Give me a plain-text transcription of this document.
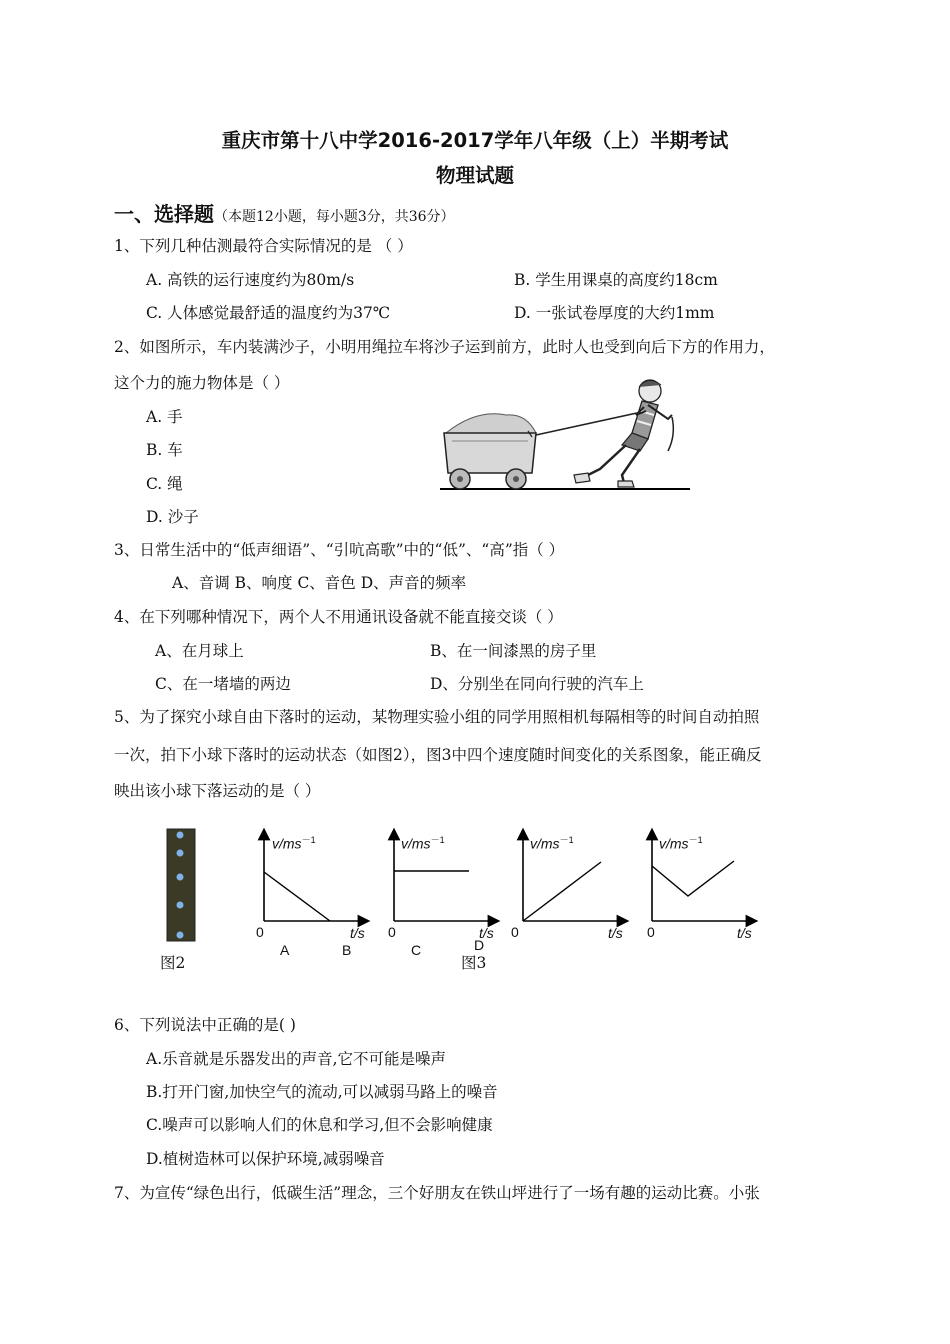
重庆市第十八中学2016-2017学年八年级（上）半期考试
物理试题
一、选择题（本题12小题，每小题3分，共36分）
1、下列几种估测最符合实际情况的是 （ ）
A. 高铁的运行速度约为80m/s	B. 学生用课桌的高度约18cm
C. 人体感觉最舒适的温度约为37℃	D. 一张试卷厚度的大约1mm
2、如图所示，车内装满沙子，小明用绳拉车将沙子运到前方，此时人也受到向后下方的作用力，
这个力的施力物体是（ ）
A. 手
B. 车
C. 绳
D. 沙子
3、日常生活中的“低声细语”、“引吭高歌”中的“低”、“高”指（ ）
A、音调 B、响度 C、音色 D、声音的频率
4、在下列哪种情况下，两个人不用通讯设备就不能直接交谈（ ）
A、在月球上	B、在一间漆黑的房子里
C、在一堵墙的两边	D、分别坐在同向行驶的汽车上
5、为了探究小球自由下落时的运动，某物理实验小组的同学用照相机每隔相等的时间自动拍照
一次，拍下小球下落时的运动状态（如图2），图3中四个速度随时间变化的关系图象，能正确反
映出该小球下落运动的是（ ）
$v/ms^{-1}$	$v/ms^{-1}$	$v/ms^{-1}$	$v/ms^{-1}$
t/s	t/s	t/s	t/s
0	0	0	0
A	B	C	D
图2	图3
6、下列说法中正确的是( )
A.乐音就是乐器发出的声音,它不可能是噪声
B.打开门窗,加快空气的流动,可以减弱马路上的噪音
C.噪声可以影响人们的休息和学习,但不会影响健康
D.植树造林可以保护环境,减弱噪音
7、为宣传“绿色出行，低碳生活”理念，三个好朋友在铁山坪进行了一场有趣的运动比赛。小张
